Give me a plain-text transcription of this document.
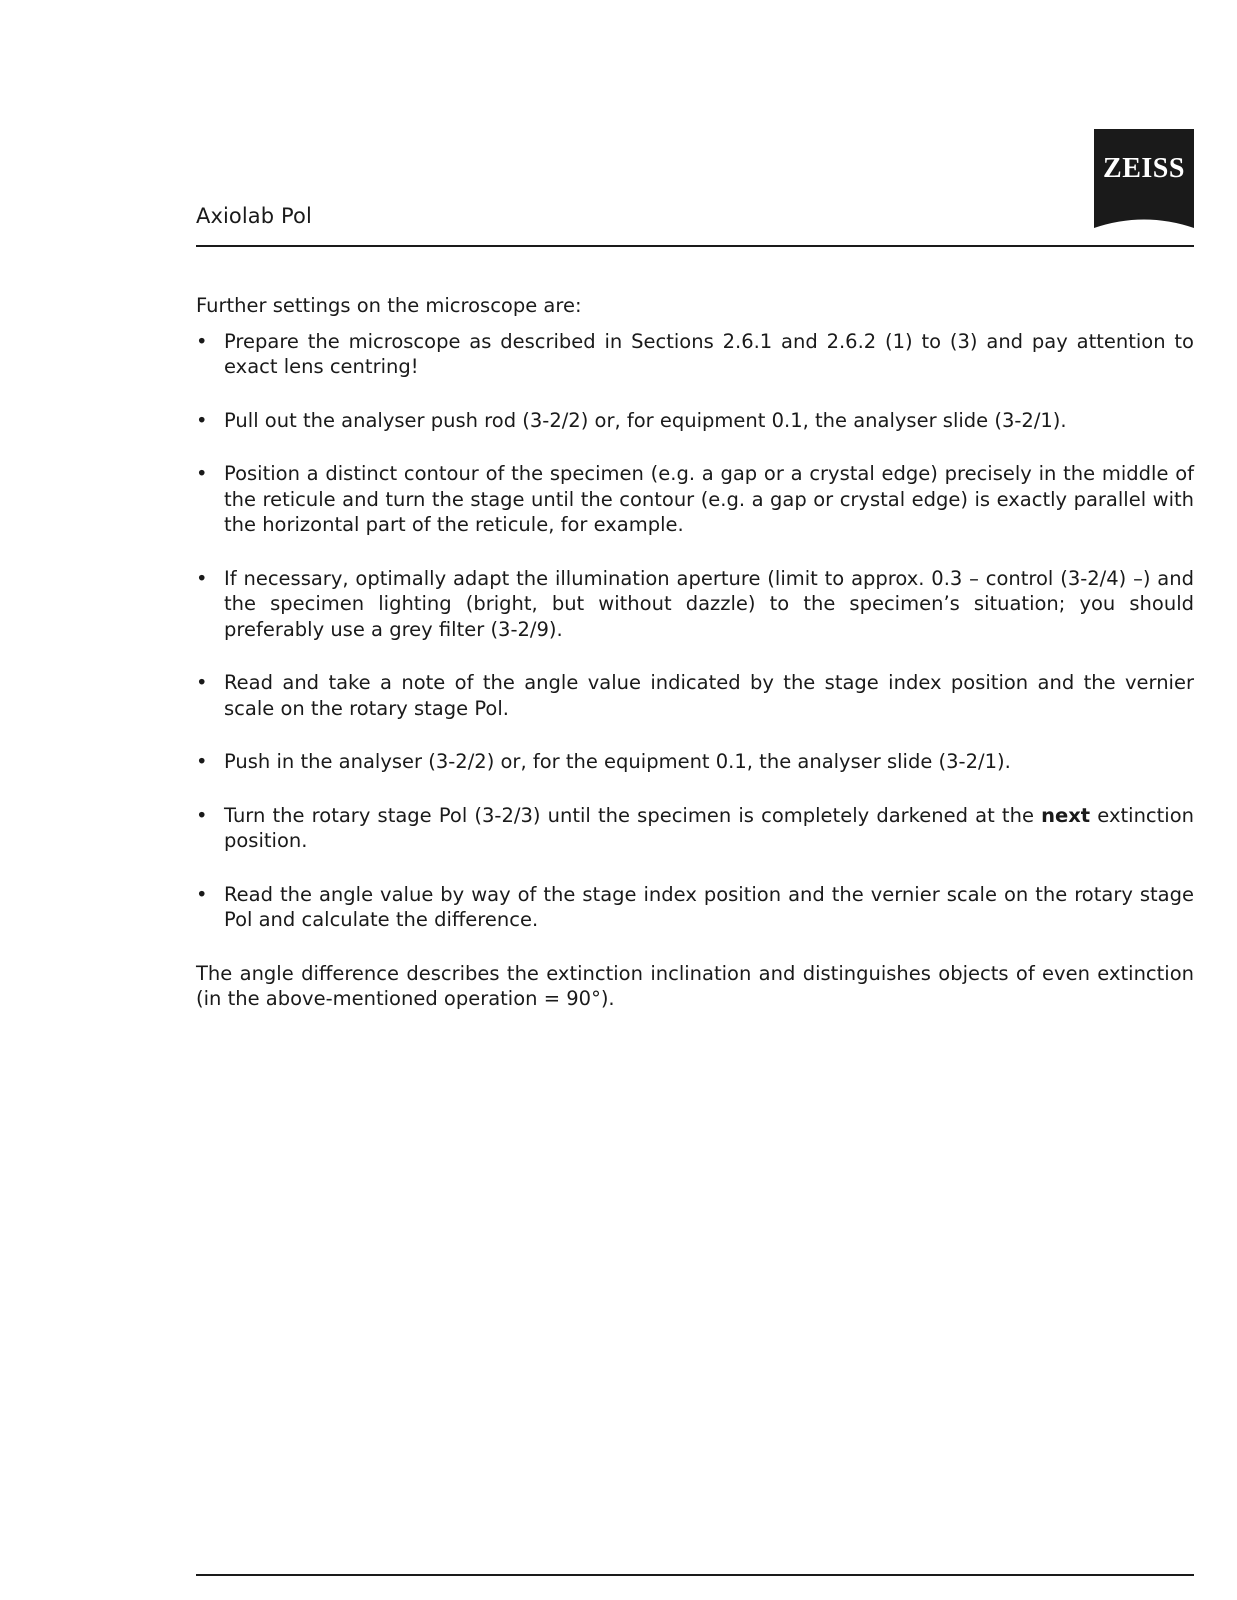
Axiolab Pol
ZEISS

Further settings on the microscope are:

• Prepare the microscope as described in Sections 2.6.1 and 2.6.2 (1) to (3) and pay attention to exact lens centring!
• Pull out the analyser push rod (3-2/2) or, for equipment 0.1, the analyser slide (3-2/1).
• Position a distinct contour of the specimen (e.g. a gap or a crystal edge) precisely in the middle of the reticule and turn the stage until the contour (e.g. a gap or crystal edge) is exactly parallel with the horizontal part of the reticule, for example.
• If necessary, optimally adapt the illumination aperture (limit to approx. 0.3 – control (3-2/4) –) and the specimen lighting (bright, but without dazzle) to the specimen’s situation; you should preferably use a grey filter (3-2/9).
• Read and take a note of the angle value indicated by the stage index position and the vernier scale on the rotary stage Pol.
• Push in the analyser (3-2/2) or, for the equipment 0.1, the analyser slide (3-2/1).
• Turn the rotary stage Pol (3-2/3) until the specimen is completely darkened at the next extinction position.
• Read the angle value by way of the stage index position and the vernier scale on the rotary stage Pol and calculate the difference.

The angle difference describes the extinction inclination and distinguishes objects of even extinction (in the above-mentioned operation = 90°).
